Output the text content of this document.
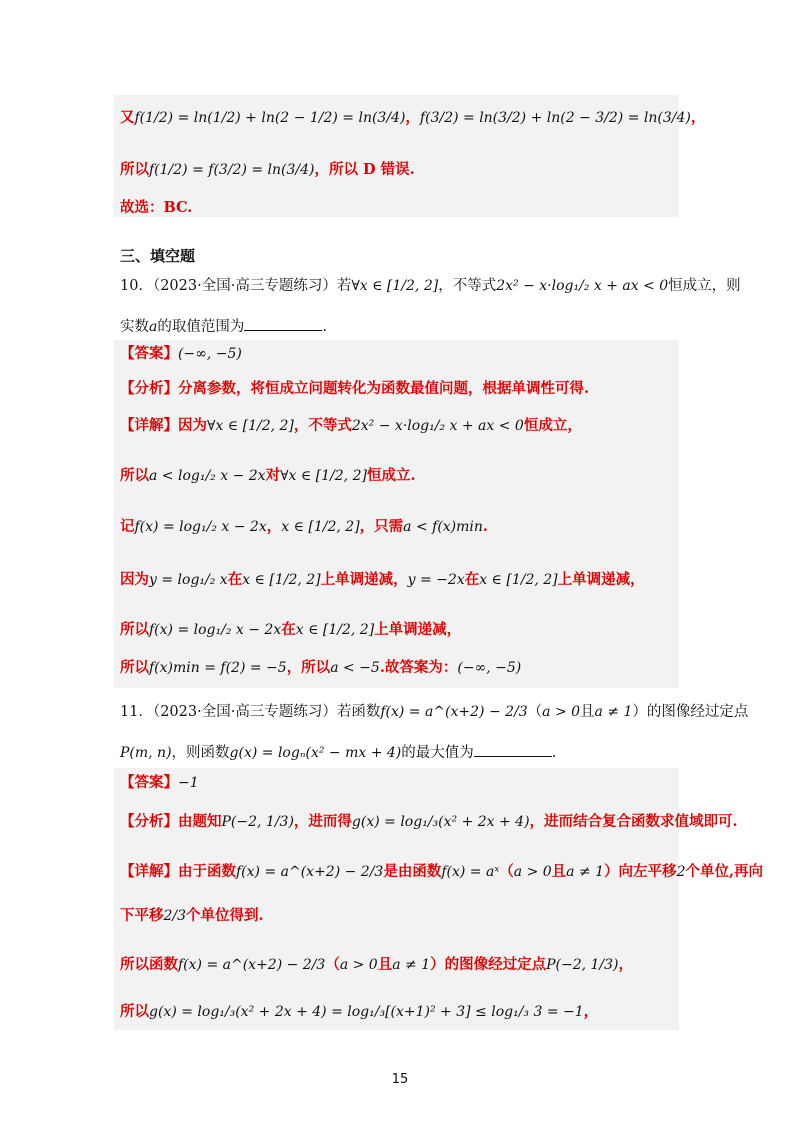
又f(1/2) = ln(1/2) + ln(2 − 1/2) = ln(3/4)，f(3/2) = ln(3/2) + ln(2 − 3/2) = ln(3/4)，
所以f(1/2) = f(3/2) = ln(3/4)，所以 D 错误.
故选：BC.
三、填空题
10．（2023·全国·高三专题练习）若∀x ∈ [1/2, 2]，不等式2x² − x·log₁/₂ x + ax < 0恒成立，则
实数a的取值范围为	.
【答案】(−∞, −5)
【分析】分离参数，将恒成立问题转化为函数最值问题，根据单调性可得.
【详解】因为∀x ∈ [1/2, 2]，不等式2x² − x·log₁/₂ x + ax < 0恒成立，
所以a < log₁/₂ x − 2x对∀x ∈ [1/2, 2]恒成立.
记f(x) = log₁/₂ x − 2x，x ∈ [1/2, 2]，只需a < f(x)min.
因为y = log₁/₂ x在x ∈ [1/2, 2]上单调递减，y = −2x在x ∈ [1/2, 2]上单调递减，
所以f(x) = log₁/₂ x − 2x在x ∈ [1/2, 2]上单调递减，
所以f(x)min = f(2) = −5，所以a < −5.故答案为：(−∞, −5)
11．（2023·全国·高三专题练习）若函数f(x) = a^(x+2) − 2/3（a > 0且a ≠ 1）的图像经过定点
P(m, n)，则函数g(x) = logₙ(x² − mx + 4)的最大值为	.
【答案】−1
【分析】由题知P(−2, 1/3)，进而得g(x) = log₁/₃(x² + 2x + 4)，进而结合复合函数求值域即可.
【详解】由于函数f(x) = a^(x+2) − 2/3是由函数f(x) = aˣ（a > 0且a ≠ 1）向左平移2个单位,再向
下平移2/3个单位得到.
所以函数f(x) = a^(x+2) − 2/3（a > 0且a ≠ 1）的图像经过定点P(−2, 1/3)，
所以g(x) = log₁/₃(x² + 2x + 4) = log₁/₃[(x+1)² + 3] ≤ log₁/₃ 3 = −1，
15
